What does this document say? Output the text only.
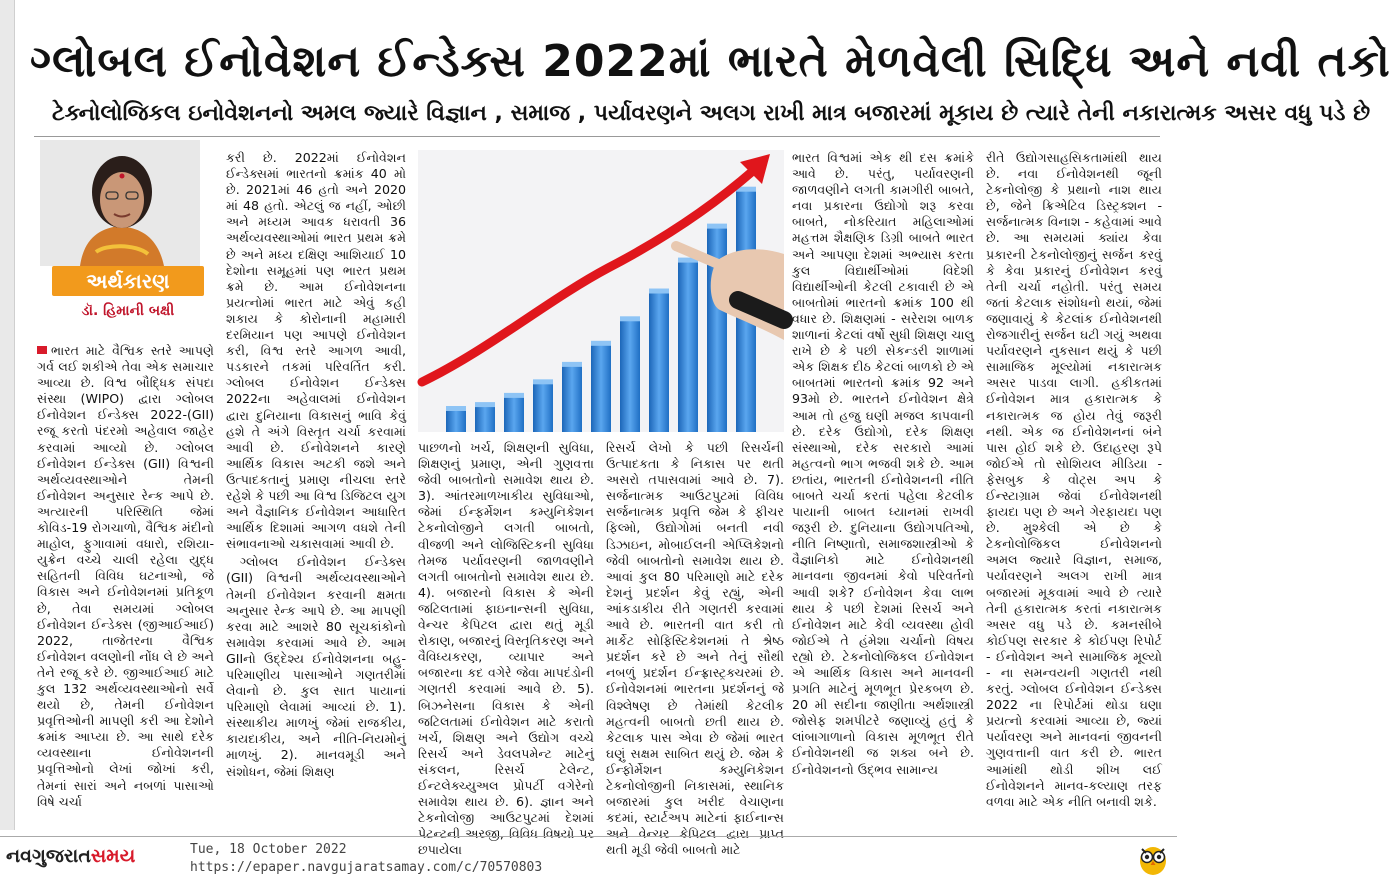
ગ્લોબલ ઈનોવેશન ઈન્ડેક્સ 2022માં ભારતે મેળવેલી સિદ્ધિ અને નવી તકો
ટેક્નોલોજિકલ ઇનોવેશનનો અમલ જ્યારે વિજ્ઞાન , સમાજ , પર્યાવરણને અલગ રાખી માત્ર બજારમાં મૂકાય છે ત્યારે તેની નકારાત્મક અસર વધુ પડે છે
અર્થકારણ
ડૉ. હિમાની બક્ષી

ભારત માટે વૈશ્વિક સ્તરે આપણે ગર્વ લઈ શકીએ તેવા એક સમાચાર આવ્યા છે. વિશ્વ બૌદ્ધિક સંપદા સંસ્થા (WIPO) દ્વારા ગ્લોબલ ઈનોવેશન ઈન્ડેક્સ 2022-(GII) રજૂ કરતો પંદરમો અહેવાલ જાહેર કરવામાં આવ્યો છે. ગ્લોબલ ઈનોવેશન ઈન્ડેક્સ (GII) વિશ્વની અર્થવ્યવસ્થાઓને તેમની ઈનોવેશન અનુસાર રેન્ક આપે છે. અત્યારની પરિસ્થિતિ જેમાં કોવિડ-19 રોગચાળો, વૈશ્વિક મંદીનો માહોલ, ફુગાવામાં વધારો, રશિયા-યુક્રેન વચ્ચે ચાલી રહેલા યુદ્ધ સહિતની વિવિધ ઘટનાઓ, જે વિકાસ અને ઈનોવેશનમાં પ્રતિકૂળ છે, તેવા સમયમાં ગ્લોબલ ઈનોવેશન ઈન્ડેક્સ (જીઆઈઆઈ) 2022, તાજેતરના વૈશ્વિક ઈનોવેશન વલણોની નોંધ લે છે અને તેને રજૂ કરે છે. જીઆઈઆઈ માટે કુલ 132 અર્થવ્યવસ્થાઓનો સર્વે થયો છે, તેમની ઈનોવેશન પ્રવૃત્તિઓની માપણી કરી આ દેશોને ક્રમાંક આપ્યા છે. આ સાથે દરેક વ્યવસ્થાના ઈનોવેશનની પ્રવૃત્તિઓનો લેખાં જોખાં કરી, તેમનાં સારાં અને નબળાં પાસાઓ વિષે ચર્ચા

કરી છે. 2022માં ઈનોવેશન ઈન્ડેક્સમાં ભારતનો ક્રમાંક 40 મો છે. 2021માં 46 હતો અને 2020 માં 48 હતો. એટલું જ નહીં, ઓછી અને મધ્યમ આવક ધરાવતી 36 અર્થવ્યવસ્થાઓમાં ભારત પ્રથમ ક્રમે છે અને મધ્ય દક્ષિણ આશિયાઈ 10 દેશોના સમૂહમાં પણ ભારત પ્રથમ ક્રમે છે. આમ ઈનોવેશનના પ્રયત્નોમાં ભારત માટે એવું કહી શકાય કે કોરોનાની મહામારી દરમિયાન પણ આપણે ઈનોવેશન કરી, વિશ્વ સ્તરે આગળ આવી, પડકારને તકમાં પરિવર્તિત કરી. ગ્લોબલ ઈનોવેશન ઈન્ડેક્સ 2022ના અહેવાલમાં ઈનોવેશન દ્વારા દુનિયાના વિકાસનું ભાવિ કેવું હશે તે અંગે વિસ્તૃત ચર્ચા કરવામાં આવી છે. ઈનોવેશનને કારણે આર્થિક વિકાસ અટકી જશે અને ઉત્પાદકતાનું પ્રમાણ નીચલા સ્તરે રહેશે કે પછી આ વિશ્વ ડિજિટલ યુગ અને વૈજ્ઞાનિક ઈનોવેશન આધારિત આર્થિક દિશામાં આગળ વધશે તેની સંભાવનાઓ ચકાસવામાં આવી છે.

ગ્લોબલ ઈનોવેશન ઈન્ડેક્સ (GII) વિશ્વની અર્થવ્યવસ્થાઓને તેમની ઈનોવેશન કરવાની ક્ષમતા અનુસાર રેન્ક આપે છે. આ માપણી કરવા માટે આશરે 80 સૂચકાંકોનો સમાવેશ કરવામાં આવે છે. આમ GIIનો ઉદ્દેશ્ય ઈનોવેશનના બહુ-પરિમાણીય પાસાઓને ગણતરીમાં લેવાનો છે. કુલ સાત પાયાનાં પરિમાણો લેવામાં આવ્યાં છે. 1). સંસ્થાકીય માળખું જેમાં રાજકીય, કાયદાકીય, અને નીતિ-નિયમોનું માળખું. 2). માનવમૂડી અને સંશોધન, જેમાં શિક્ષણ

પાછળનો ખર્ચ, શિક્ષણની સુવિધા, શિક્ષણનું પ્રમાણ, એની ગુણવત્તા જેવી બાબતોનો સમાવેશ થાય છે. 3). આંતરમાળખાકીય સુવિધાઓ, જેમાં ઈન્ફર્મેશન કમ્યુનિકેશન ટેકનોલોજીને લગતી બાબતો, વીજળી અને લોજિસ્ટિકની સુવિધા તેમજ પર્યાવરણની જાળવણીને લગતી બાબતોનો સમાવેશ થાય છે. 4). બજારનો વિકાસ કે એની જટિલતામાં ફાઇનાન્સની સુવિધા, વેન્ચર કેપિટલ દ્વારા થતું મૂડી રોકાણ, બજારનું વિસ્તૃતિકરણ અને વૈવિધ્યકરણ, વ્યાપાર અને બજારના કદ વગેરે જેવા માપદંડોની ગણતરી કરવામાં આવે છે. 5). બિઝનેસના વિકાસ કે એની જટિલતામાં ઈનોવેશન માટે કરાતો ખર્ચ, શિક્ષણ અને ઉદ્યોગ વચ્ચે રિસર્ચ અને ડેવલપમેન્ટ માટેનું સંકલન, રિસર્ચ ટેલેન્ટ, ઈન્ટલેક્ચ્યુઅલ પ્રોપર્ટી વગેરેનો સમાવેશ થાય છે. 6). જ્ઞાન અને ટેકનોલોજી આઉટપુટમાં દેશમાં પેટન્ટની અરજી, વિવિધ વિષયો પર છપાયેલા

રિસર્ચ લેખો કે પછી રિસર્ચની ઉત્પાદકતા કે નિકાસ પર થતી અસરો તપાસવામાં આવે છે. 7). સર્જનાત્મક આઉટપુટમાં વિવિધ સર્જનાત્મક પ્રવૃત્તિ જેમ કે ફીચર ફિલ્મો, ઉદ્યોગોમાં બનતી નવી ડિઝાઇન, મોબાઈલની એપ્લિકેશનો જેવી બાબતોનો સમાવેશ થાય છે. આવાં કુલ 80 પરિમાણો માટે દરેક દેશનું પ્રદર્શન કેવું રહ્યું, એની આંકડાકીય રીતે ગણતરી કરવામાં આવે છે. ભારતની વાત કરી તો માર્કેટ સોફિસ્ટિકેશનમાં તે શ્રેષ્ઠ પ્રદર્શન કરે છે અને તેનું સૌથી નબળું પ્રદર્શન ઈન્ફ્રાસ્ટ્રક્ચરમાં છે. ઈનોવેશનમાં ભારતના પ્રદર્શનનું જે વિશ્લેષણ છે તેમાંથી કેટલીક મહત્વની બાબતો છતી થાય છે. કેટલાક પાસ એવા છે જેમાં ભારત ઘણું સક્ષમ સાબિત થયું છે. જેમ કે ઈન્ફોર્મેશન કમ્યુનિકેશન ટેકનોલોજીની નિકાસમાં, સ્થાનિક બજારમાં કુલ ખરીદ વેચાણના કદમાં, સ્ટાર્ટઅપ માટેનાં ફાઈનાન્સ અને વેન્ચર કેપિટલ દ્વારા પ્રાપ્ત થતી મૂડી જેવી બાબતો માટે

ભારત વિશ્વમાં એક થી દસ ક્રમાંકે આવે છે. પરંતુ, પર્યાવરણની જાળવણીને લગતી કામગીરી બાબતે, નવા પ્રકારના ઉદ્યોગો શરૂ કરવા બાબતે, નોકરિયાત મહિલાઓમાં મહત્તમ શૈક્ષણિક ડિગ્રી બાબતે ભારત અને આપણા દેશમાં અભ્યાસ કરતા કુલ વિદ્યાર્થીઓમાં વિદેશી વિદ્યાર્થીઓની કેટલી ટકાવારી છે એ બાબતોમાં ભારતનો ક્રમાંક 100 થી વધાર છે. શિક્ષણમાં - સરેરાશ બાળક શાળાનાં કેટલાં વર્ષો સુધી શિક્ષણ ચાલુ રાખે છે કે પછી સેકન્ડરી શાળામાં એક શિક્ષક દીઠ કેટલાં બાળકો છે એ બાબતમાં ભારતનો ક્રમાંક 92 અને 93મો છે. ભારતને ઈનોવેશન ક્ષેત્રે આમ તો હજુ ઘણી મજલ કાપવાની છે. દરેક ઉદ્યોગો, દરેક શિક્ષણ સંસ્થાઓ, દરેક સરકારો આમાં મહત્વનો ભાગ ભજવી શકે છે. આમ છતાંય, ભારતની ઈનોવેશનની નીતિ બાબતે ચર્ચા કરતાં પહેલા કેટલીક પાયાની બાબત ધ્યાનમાં રાખવી જરૂરી છે. દુનિયાના ઉદ્યોગપતિઓ, નીતિ નિષ્ણાતો, સમાજશાસ્ત્રીઓ કે વૈજ્ઞાનિકો માટે ઈનોવેશનથી માનવના જીવનમાં કેવો પરિવર્તનો આવી શકે? ઈનોવેશન કેવા લાભ થાય કે પછી દેશમાં રિસર્ચ અને ઈનોવેશન માટે કેવી વ્યવસ્થા હોવી જોઈએ તે હંમેશા ચર્ચાનો વિષય રહ્યો છે. ટેકનોલોજિકલ ઈનોવેશન એ આર્થિક વિકાસ અને માનવની પ્રગતિ માટેનું મૂળભૂત પ્રેરકબળ છે. 20 મી સદીના જાણીતા અર્થશાસ્ત્રી જોસેફ શમપીટરે જણાવ્યું હતું કે લાંબાગાળાનો વિકાસ મૂળભૂત રીતે ઈનોવેશનથી જ શક્ય બને છે. ઈનોવેશનનો ઉદ્ભવ સામાન્ય

રીતે ઉદ્યોગસાહસિકતામાંથી થાય છે. નવા ઈનોવેશનથી જૂની ટેકનોલોજી કે પ્રથાનો નાશ થાય છે, જેને ક્રિએટિવ ડિસ્ટ્રક્શન - સર્જનાત્મક વિનાશ - કહેવામાં આવે છે. આ સમયમાં ક્યાંય કેવા પ્રકારની ટેકનોલોજીનું સર્જન કરવું કે કેવા પ્રકારનું ઈનોવેશન કરવું તેની ચર્ચા નહોતી. પરંતુ સમય જતાં કેટલાક સંશોધનો થયાં, જેમાં જણાવાયું કે કેટલાંક ઈનોવેશનથી રોજગારીનું સર્જન ઘટી ગયું અથવા પર્યાવરણને નુકસાન થયું કે પછી સામાજિક મૂલ્યોમાં નકારાત્મક અસર પાડવા લાગી. હકીકતમાં ઈનોવેશન માત્ર હકારાત્મક કે નકારાત્મક જ હોય તેવું જરૂરી નથી. એક જ ઈનોવેશનનાં બંને પાસ હોઈ શકે છે. ઉદાહરણ રૂપે જોઈએ તો સોશિયલ મીડિયા - ફેસબુક કે વોટ્સ અપ કે ઈન્સ્ટાગ્રામ જેવાં ઈનોવેશનથી ફાયદા પણ છે અને ગેરફાયદા પણ છે. મુશ્કેલી એ છે કે ટેકનોલોજિકલ ઈનોવેશનનો અમલ જ્યારે વિજ્ઞાન, સમાજ, પર્યાવરણને અલગ રાખી માત્ર બજારમાં મૂકવામાં આવે છે ત્યારે તેની હકારાત્મક કરતાં નકારાત્મક અસર વધુ પડે છે. કમનસીબે કોઈપણ સરકાર કે કોઈપણ રિપોર્ટ - ઈનોવેશન અને સામાજિક મૂલ્યો - ના સમન્વયની ગણતરી નથી કરતું. ગ્લોબલ ઈનોવેશન ઈન્ડેક્સ 2022 ના રિપોર્ટમાં થોડા ઘણા પ્રયત્નો કરવામાં આવ્યા છે, જ્યાં પર્યાવરણ અને માનવનાં જીવનની ગુણવત્તાની વાત કરી છે. ભારત આમાંથી થોડી શીખ લઈ ઈનોવેશનને માનવ-કલ્યાણ તરફ વળવા માટે એક નીતિ બનાવી શકે.

નવગુજરાતસમય	Tue, 18 October 2022
https://epaper.navgujaratsamay.com/c/70570803
